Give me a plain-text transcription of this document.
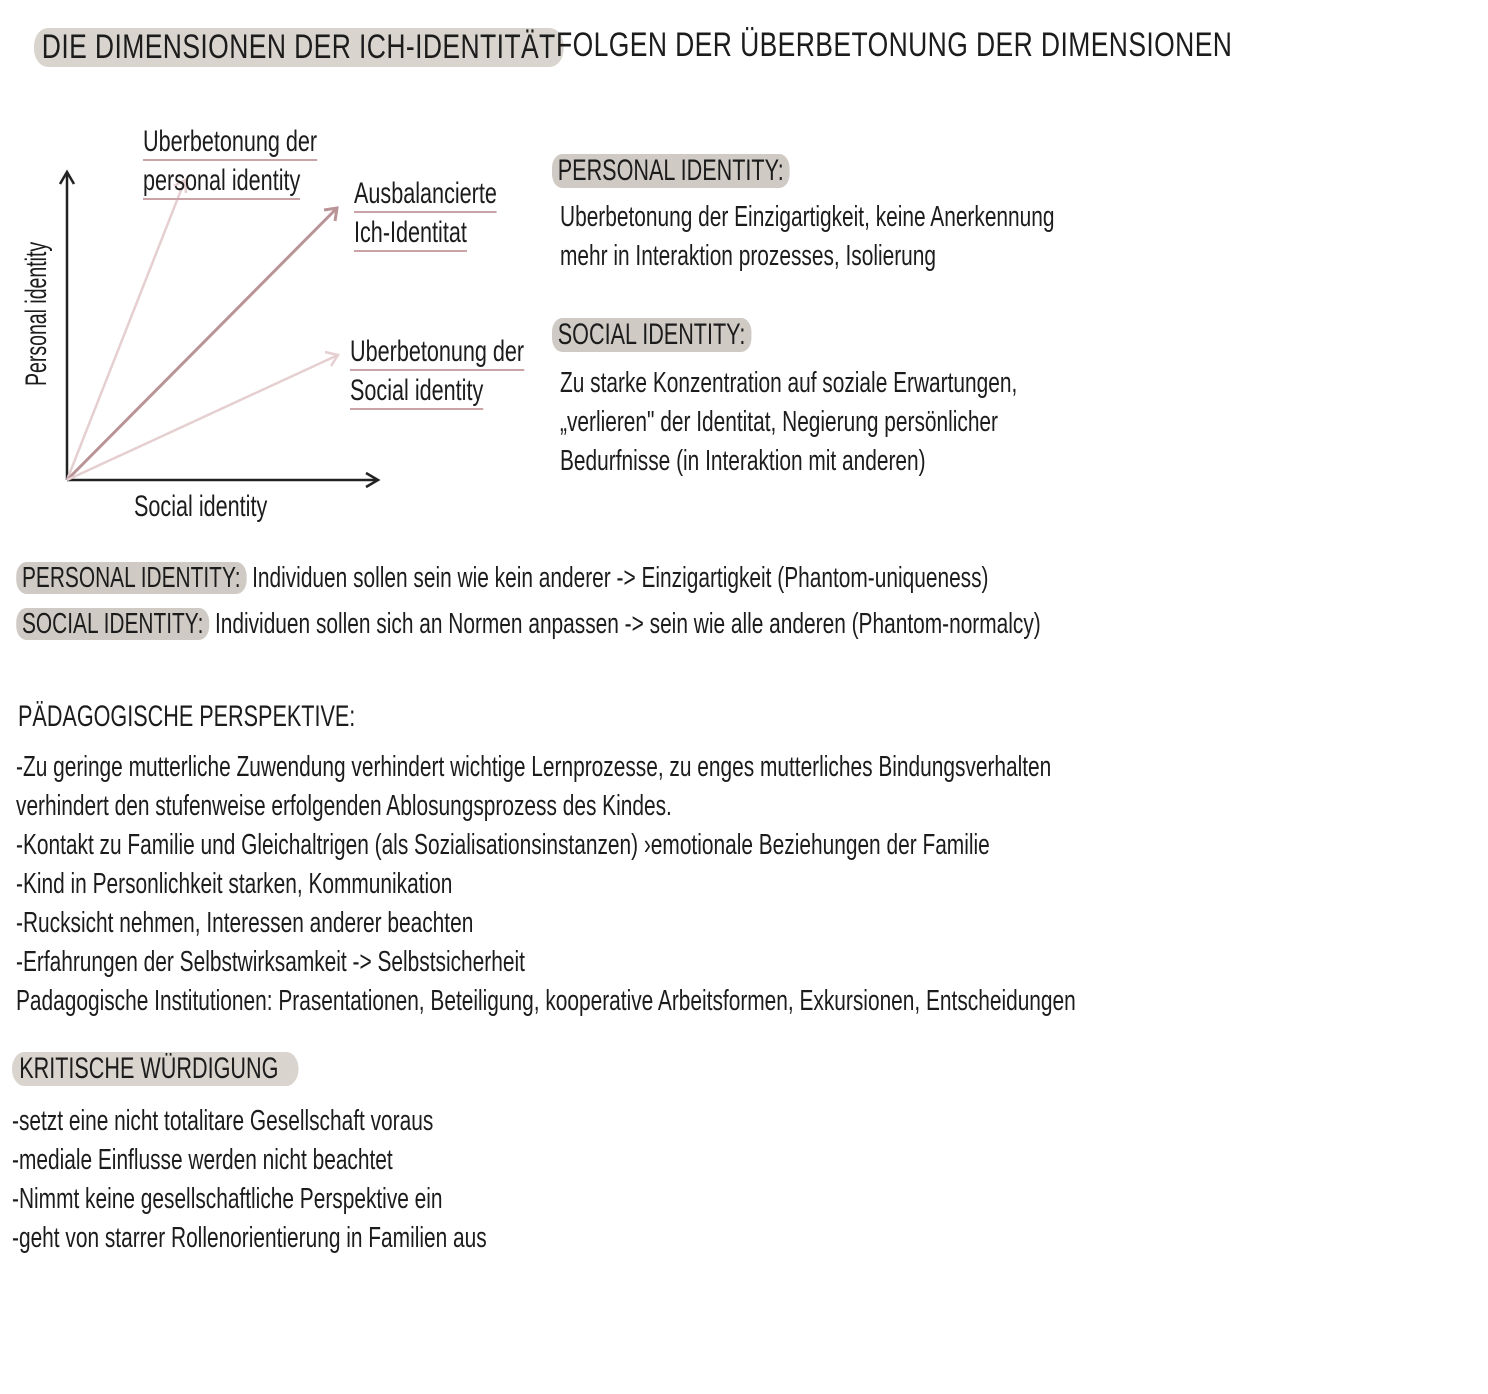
DIE DIMENSIONEN DER ICH-IDENTITÄT FOLGEN DER ÜBERBETONUNG DER DIMENSIONEN
Personal identity
Social identity
Uberbetonung der
personal identity	Ausbalancierte
Ich-Identitat
Uberbetonung der
Social identity
PERSONAL IDENTITY:
Uberbetonung der Einzigartigkeit, keine Anerkennung
mehr in Interaktion prozesses, Isolierung
SOCIAL IDENTITY:
Zu starke Konzentration auf soziale Erwartungen,
„verlieren" der Identitat, Negierung persönlicher
Bedurfnisse (in Interaktion mit anderen)
PERSONAL IDENTITY: Individuen sollen sein wie kein anderer -> Einzigartigkeit (Phantom-uniqueness)
SOCIAL IDENTITY: Individuen sollen sich an Normen anpassen -> sein wie alle anderen (Phantom-normalcy)
PÄDAGOGISCHE PERSPEKTIVE:
-Zu geringe mutterliche Zuwendung verhindert wichtige Lernprozesse, zu enges mutterliches Bindungsverhalten
verhindert den stufenweise erfolgenden Ablosungsprozess des Kindes.
-Kontakt zu Familie und Gleichaltrigen (als Sozialisationsinstanzen) ›emotionale Beziehungen der Familie
-Kind in Personlichkeit starken, Kommunikation
-Rucksicht nehmen, Interessen anderer beachten
-Erfahrungen der Selbstwirksamkeit -> Selbstsicherheit
Padagogische Institutionen: Prasentationen, Beteiligung, kooperative Arbeitsformen, Exkursionen, Entscheidungen
KRITISCHE WÜRDIGUNG
-setzt eine nicht totalitare Gesellschaft voraus
-mediale Einflusse werden nicht beachtet
-Nimmt keine gesellschaftliche Perspektive ein
-geht von starrer Rollenorientierung in Familien aus
